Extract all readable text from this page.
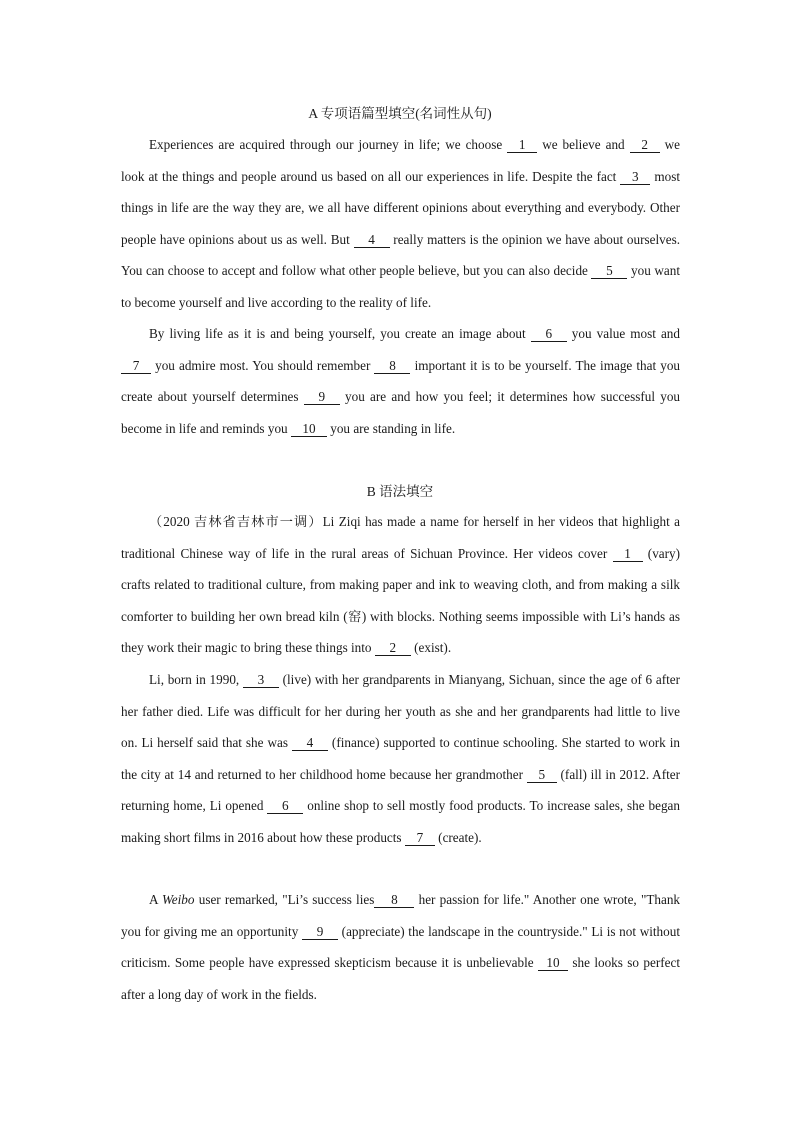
A 专项语篇型填空(名词性从句)

Experiences are acquired through our journey in life; we choose 1 we believe and 2 we look at the things and people around us based on all our experiences in life. Despite the fact 3 most things in life are the way they are, we all have different opinions about everything and everybody. Other people have opinions about us as well. But 4 really matters is the opinion we have about ourselves. You can choose to accept and follow what other people believe, but you can also decide 5 you want to become yourself and live according to the reality of life.

By living life as it is and being yourself, you create an image about 6 you value most and 7 you admire most. You should remember 8 important it is to be yourself. The image that you create about yourself determines 9 you are and how you feel; it determines how successful you become in life and reminds you 10 you are standing in life.

B 语法填空

（2020 吉林省吉林市一调）Li Ziqi has made a name for herself in her videos that highlight a traditional Chinese way of life in the rural areas of Sichuan Province. Her videos cover 1 (vary) crafts related to traditional culture, from making paper and ink to weaving cloth, and from making a silk comforter to building her own bread kiln (窑) with blocks. Nothing seems impossible with Li’s hands as they work their magic to bring these things into 2 (exist).

Li, born in 1990, 3 (live) with her grandparents in Mianyang, Sichuan, since the age of 6 after her father died. Life was difficult for her during her youth as she and her grandparents had little to live on. Li herself said that she was 4 (finance) supported to continue schooling. She started to work in the city at 14 and returned to her childhood home because her grandmother 5 (fall) ill in 2012. After returning home, Li opened 6 online shop to sell mostly food products. To increase sales, she began making short films in 2016 about how these products 7 (create).

A Weibo user remarked, "Li’s success lies 8 her passion for life." Another one wrote, "Thank you for giving me an opportunity 9 (appreciate) the landscape in the countryside." Li is not without criticism. Some people have expressed skepticism because it is unbelievable 10 she looks so perfect after a long day of work in the fields.
